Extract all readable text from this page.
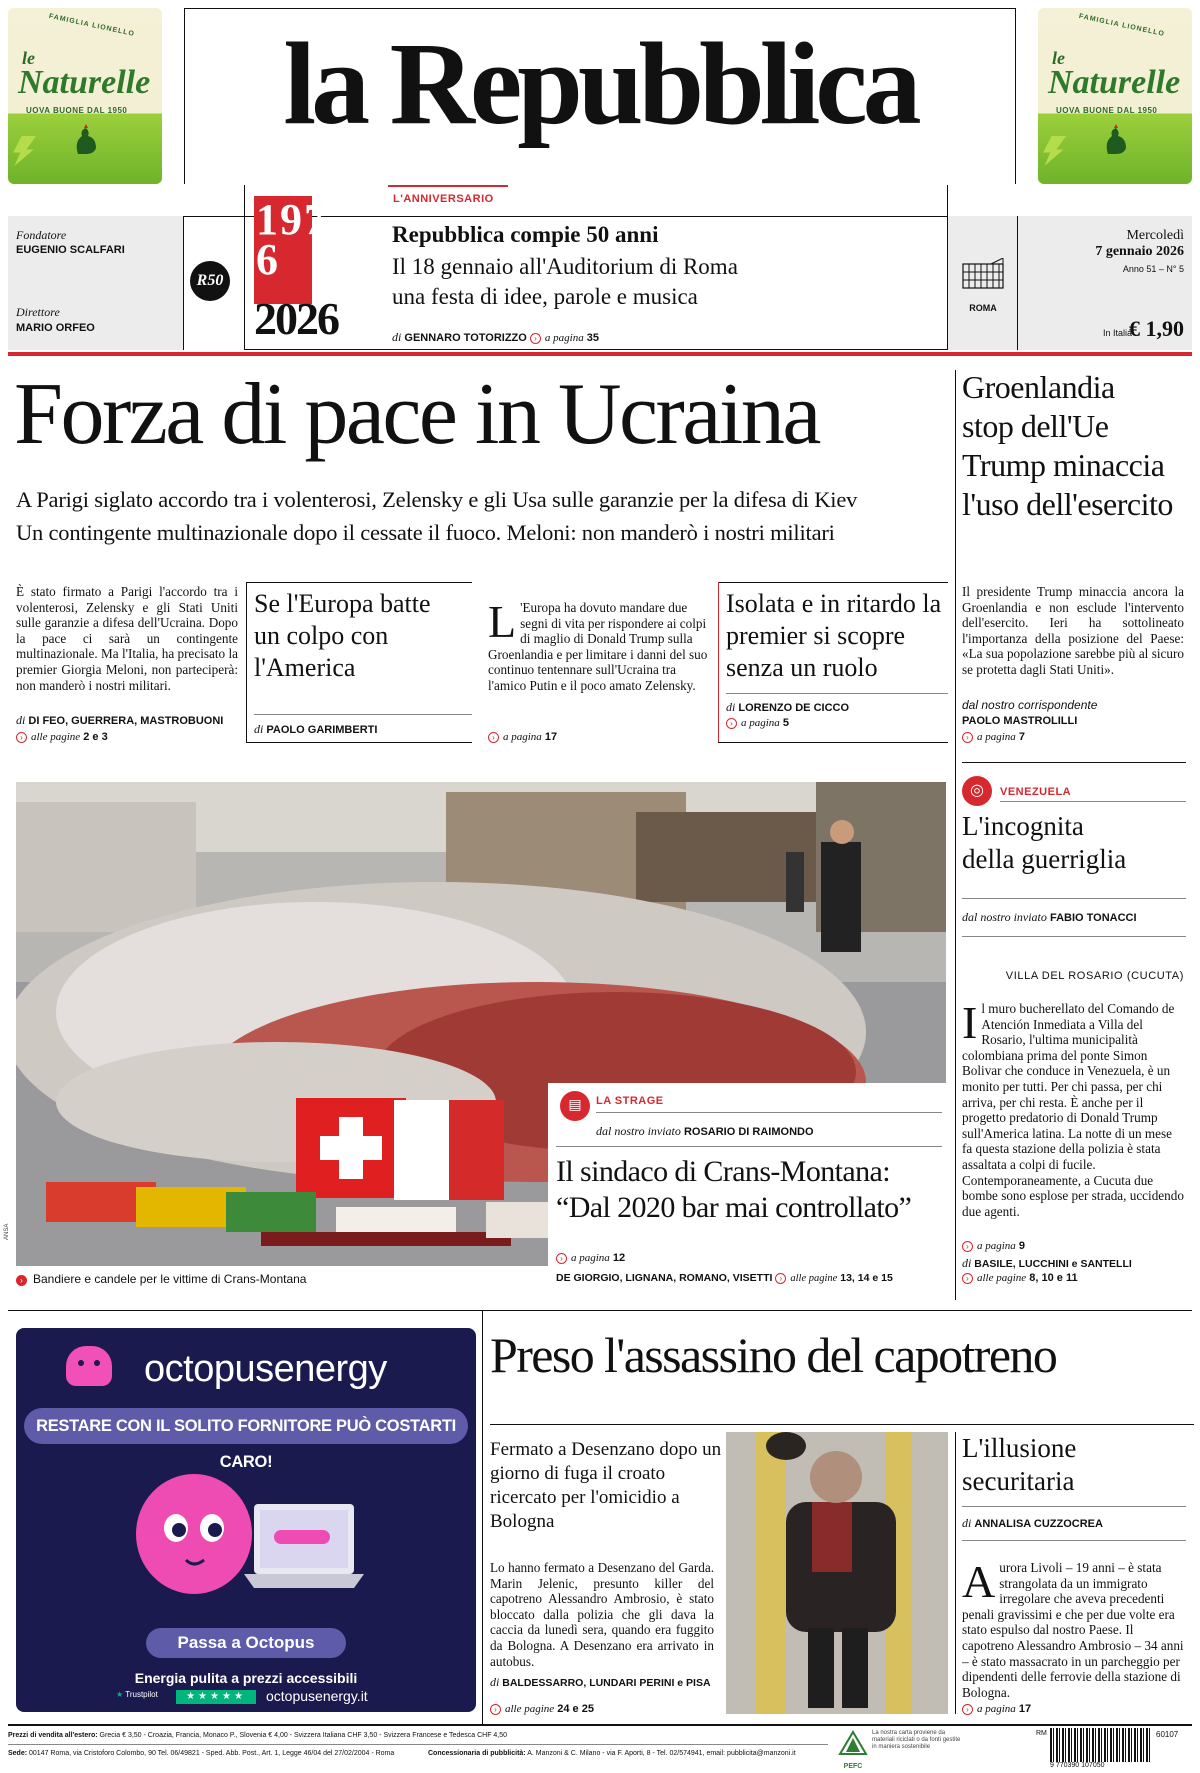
FAMIGLIA LIONELLO
le
Naturelle
UOVA BUONE DAL 1950	la Repubblica	FAMIGLIA LIONELLO
le
Naturelle
UOVA BUONE DAL 1950
Fondatore
EUGENIO SCALFARI
Direttore
MARIO ORFEO
R50
L'ANNIVERSARIO
1976
2026
Repubblica compie 50 anni
Il 18 gennaio all'Auditorium di Roma
una festa di idee, parole e musica
di GENNARO TOTORIZZO › a pagina 35
ROMA
Mercoledì
7 gennaio 2026
Anno 51 – N° 5
In Italia
€ 1,90
Forza di pace in Ucraina
A Parigi siglato accordo tra i volenterosi, Zelensky e gli Usa sulle garanzie per la difesa di Kiev
Un contingente multinazionale dopo il cessate il fuoco. Meloni: non manderò i nostri militari
È stato firmato a Parigi l'accordo tra i volenterosi, Zelensky e gli Stati Uniti sulle garanzie a difesa dell'Ucraina. Dopo la pace ci sarà un contingente multinazionale. Ma l'Italia, ha precisato la premier Giorgia Meloni, non parteciperà: non manderò i nostri militari.
di DI FEO, GUERRERA, MASTROBUONI
› alle pagine 2 e 3
Se l'Europa batte un colpo con l'America
di PAOLO GARIMBERTI
L 'Europa ha dovuto mandare due segni di vita per rispondere ai colpi di maglio di Donald Trump sulla Groenlandia e per limitare i danni del suo continuo tentennare sull'Ucraina tra l'amico Putin e il poco amato Zelensky.
› a pagina 17
Isolata e in ritardo la premier si scopre senza un ruolo
di LORENZO DE CICCO
› a pagina 5
Groenlandia
stop dell'Ue
Trump minaccia
l'uso dell'esercito
Il presidente Trump minaccia ancora la Groenlandia e non esclude l'intervento dell'esercito. Ieri ha sottolineato l'importanza della posizione del Paese: «La sua popolazione sarebbe più al sicuro se protetta dagli Stati Uniti».
dal nostro corrispondente
PAOLO MASTROLILLI
› a pagina 7
ANSA
› Bandiere e candele per le vittime di Crans-Montana
▤	LA STRAGE
dal nostro inviato ROSARIO DI RAIMONDO
Il sindaco di Crans-Montana:
“Dal 2020 bar mai controllato”
› a pagina 12
DE GIORGIO, LIGNANA, ROMANO, VISETTI › alle pagine 13, 14 e 15
◎	VENEZUELA
L'incognita
della guerriglia
dal nostro inviato FABIO TONACCI
VILLA DEL ROSARIO (CUCUTA)
Il muro bucherellato del Comando de Atención Inmediata a Villa del Rosario, l'ultima municipalità colombiana prima del ponte Simon Bolivar che conduce in Venezuela, è un monito per tutti. Per chi passa, per chi arriva, per chi resta. È anche per il progetto predatorio di Donald Trump sull'America latina. La notte di un mese fa questa stazione della polizia è stata assaltata a colpi di fucile. Contemporaneamente, a Cucuta due bombe sono esplose per strada, uccidendo due agenti.
› a pagina 9
di BASILE, LUCCHINI e SANTELLI
› alle pagine 8, 10 e 11
octopusenergy
RESTARE CON IL SOLITO FORNITORE PUÒ COSTARTI CARO!
Passa a Octopus
Energia pulita a prezzi accessibili
★ Trustpilot	★★★★★	octopusenergy.it
Preso l'assassino del capotreno
Fermato a Desenzano dopo un giorno di fuga il croato ricercato per l'omicidio a Bologna
Lo hanno fermato a Desenzano del Garda. Marin Jelenic, presunto killer del capotreno Alessandro Ambrosio, è stato bloccato dalla polizia che gli dava la caccia da lunedì sera, quando era fuggito da Bologna. A Desenzano era arrivato in autobus.
di BALDESSARRO, LUNDARI PERINI e PISA
› alle pagine 24 e 25
L'illusione
securitaria
di ANNALISA CUZZOCREA
Aurora Livoli – 19 anni – è stata strangolata da un immigrato irregolare che aveva precedenti penali gravissimi e che per due volte era stato espulso dal nostro Paese. Il capotreno Alessandro Ambrosio – 34 anni – è stato massacrato in un parcheggio per dipendenti delle ferrovie della stazione di Bologna.
› a pagina 17
Prezzi di vendita all'estero: Grecia € 3,50 - Croazia, Francia, Monaco P., Slovenia € 4,00 - Svizzera Italiana CHF 3,50 - Svizzera Francese e Tedesca CHF 4,50
Sede: 00147 Roma, via Cristoforo Colombo, 90 Tel. 06/49821 - Sped. Abb. Post., Art. 1, Legge 46/04 del 27/02/2004 - Roma	Concessionaria di pubblicità: A. Manzoni & C. Milano - via F. Aporti, 8 - Tel. 02/574941, email: pubblicita@manzoni.it
PEFC
La nostra carta proviene da materiali riciclati o da fonti gestite in maniera sostenibile
RM
9 770390 107050
60107
